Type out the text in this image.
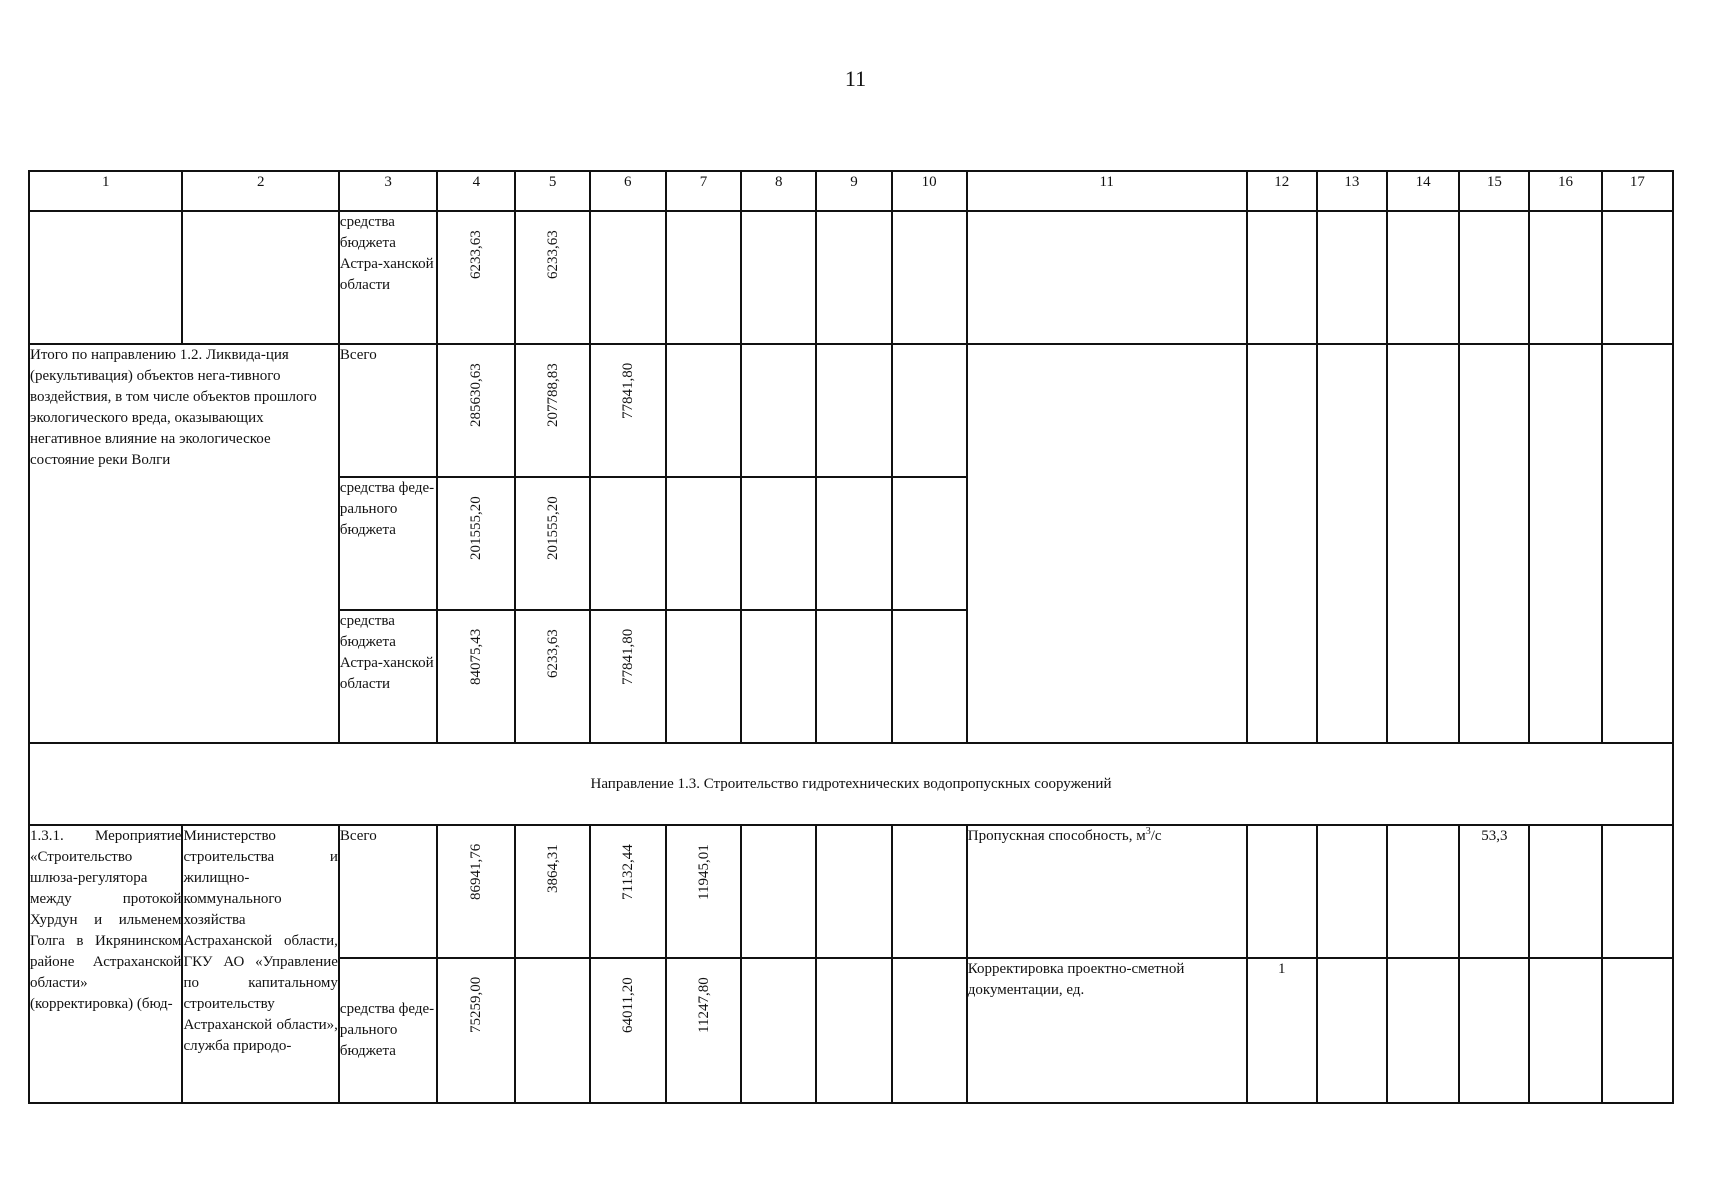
11
1	2	3	4	5	6	7	8	9	10	11	12	13	14	15	16	17
		средства бюджета Астра-ханской области	6233,63	6233,63												

Итого по направлению 1.2. Ликвида-ция (рекультивация) объектов нега-тивного воздействия, в том числе объектов прошлого экологического вреда, оказывающих негативное влияние на экологическое состояние реки Волги		Всего	285630,63	207788,83	77841,80											

		средства феде-рального бюджета	201555,20	201555,20												

		средства бюджета Астра-ханской области	84075,43	6233,63	77841,80											

Направление 1.3. Строительство гидротехнических водопропускных сооружений																
1.3.1. Мероприятие «Строительство шлюза-регулятора между протокой Хурдун и ильменем Голга в Икрянинском районе Астраханской области» (корректировка) (бюд-	Министерство строительства и жилищно-коммунального хозяйства Астраханской области, ГКУ АО «Управление по капитальному строительству Астраханской области», служба природо-	Всего	86941,76	3864,31	71132,44	11945,01				Пропускная способность, $м^3/с$				53,3		
		средства феде-рального бюджета	75259,00		64011,20	11247,80				Корректировка проектно-сметной документации, ед.	1					
